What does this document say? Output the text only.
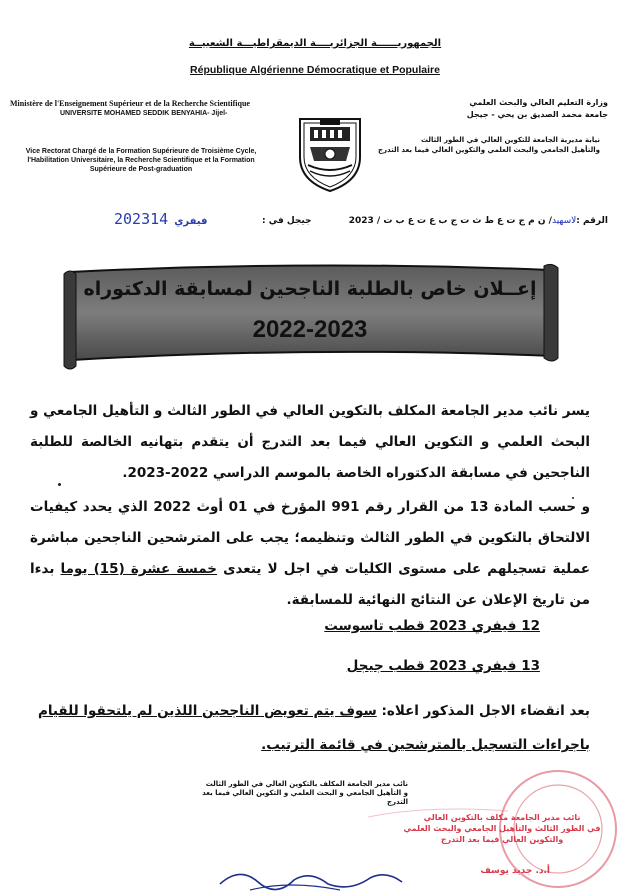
الجمهوريــــــة الجزائريــــة الديمقراطيـــة الشعبيــة
République Algérienne Démocratique et Populaire
Ministère de l'Enseignement Supérieur et de la Recherche Scientifique
UNIVERSITE MOHAMED SEDDIK BENYAHIA- Jijel-
وزارة التعليم العالي والبحث العلمي
جامعة محمد الصديق بن يحي - جيجل
Vice Rectorat Chargé de la Formation Supérieure de Troisième Cycle, l'Habilitation Universitaire, la Recherche Scientifique et la Formation Supérieure de Post-graduation
نيابة مديرية الجامعة للتكوين العالي في الطور الثالث
والتأهيل الجامعي والبحث العلمي والتكوين العالي فيما بعد التدرج
الرقم :لاسهيد/ ن م ج ت ع ط ث ت ج ب ع ت ع ب ت / 2023
جيجل في :
2023 فيفري14
إعــلان خاص بالطلبة الناجحين لمسابقة الدكتوراه
2022-2023
يسر نائب مدير الجامعة المكلف بالتكوين العالي في الطور الثالث و التأهيل الجامعي و البحث العلمي و التكوين العالي فيما بعد التدرج أن يتقدم بتهانيه الخالصة للطلبة الناجحين في مسابقة الدكتوراه الخاصة بالموسم الدراسي 2022-2023.
و حسب المادة 13 من القرار رقم 991 المؤرخ في 01 أوث 2022 الذي يحدد كيفيات الالتحاق بالتكوين في الطور الثالث وتنظيمه؛ يجب على المترشحين الناجحين مباشرة عملية تسجيلهم على مستوى الكليات في اجل لا يتعدى خمسة عشرة (15) يوما بدءا من تاريخ الإعلان عن النتائج النهائية للمسابقة.
12 فيفري 2023 قطب تاسوست
13 فيفري 2023 قطب جيجل
بعد انقضاء الاجل المذكور اعلاه: سوف يتم تعويض الناجحين اللذين لم يلتحقوا للقيام باجراءات التسجيل بالمترشحين في قائمة الترتيب.
نائب مدير الجامعة المكلف بالتكوين العالي في الطور الثالث
و التأهيل الجامعي و البحث العلمي و التكوين العالي فيما بعد التدرج
نائب مدير الجامعة مكلف بالتكوين العالي
في الطور الثالث والتأهيل الجامعي والبحث العلمي
والتكوين العالي فيما بعد التدرج
أ.د. جديد يوسف
